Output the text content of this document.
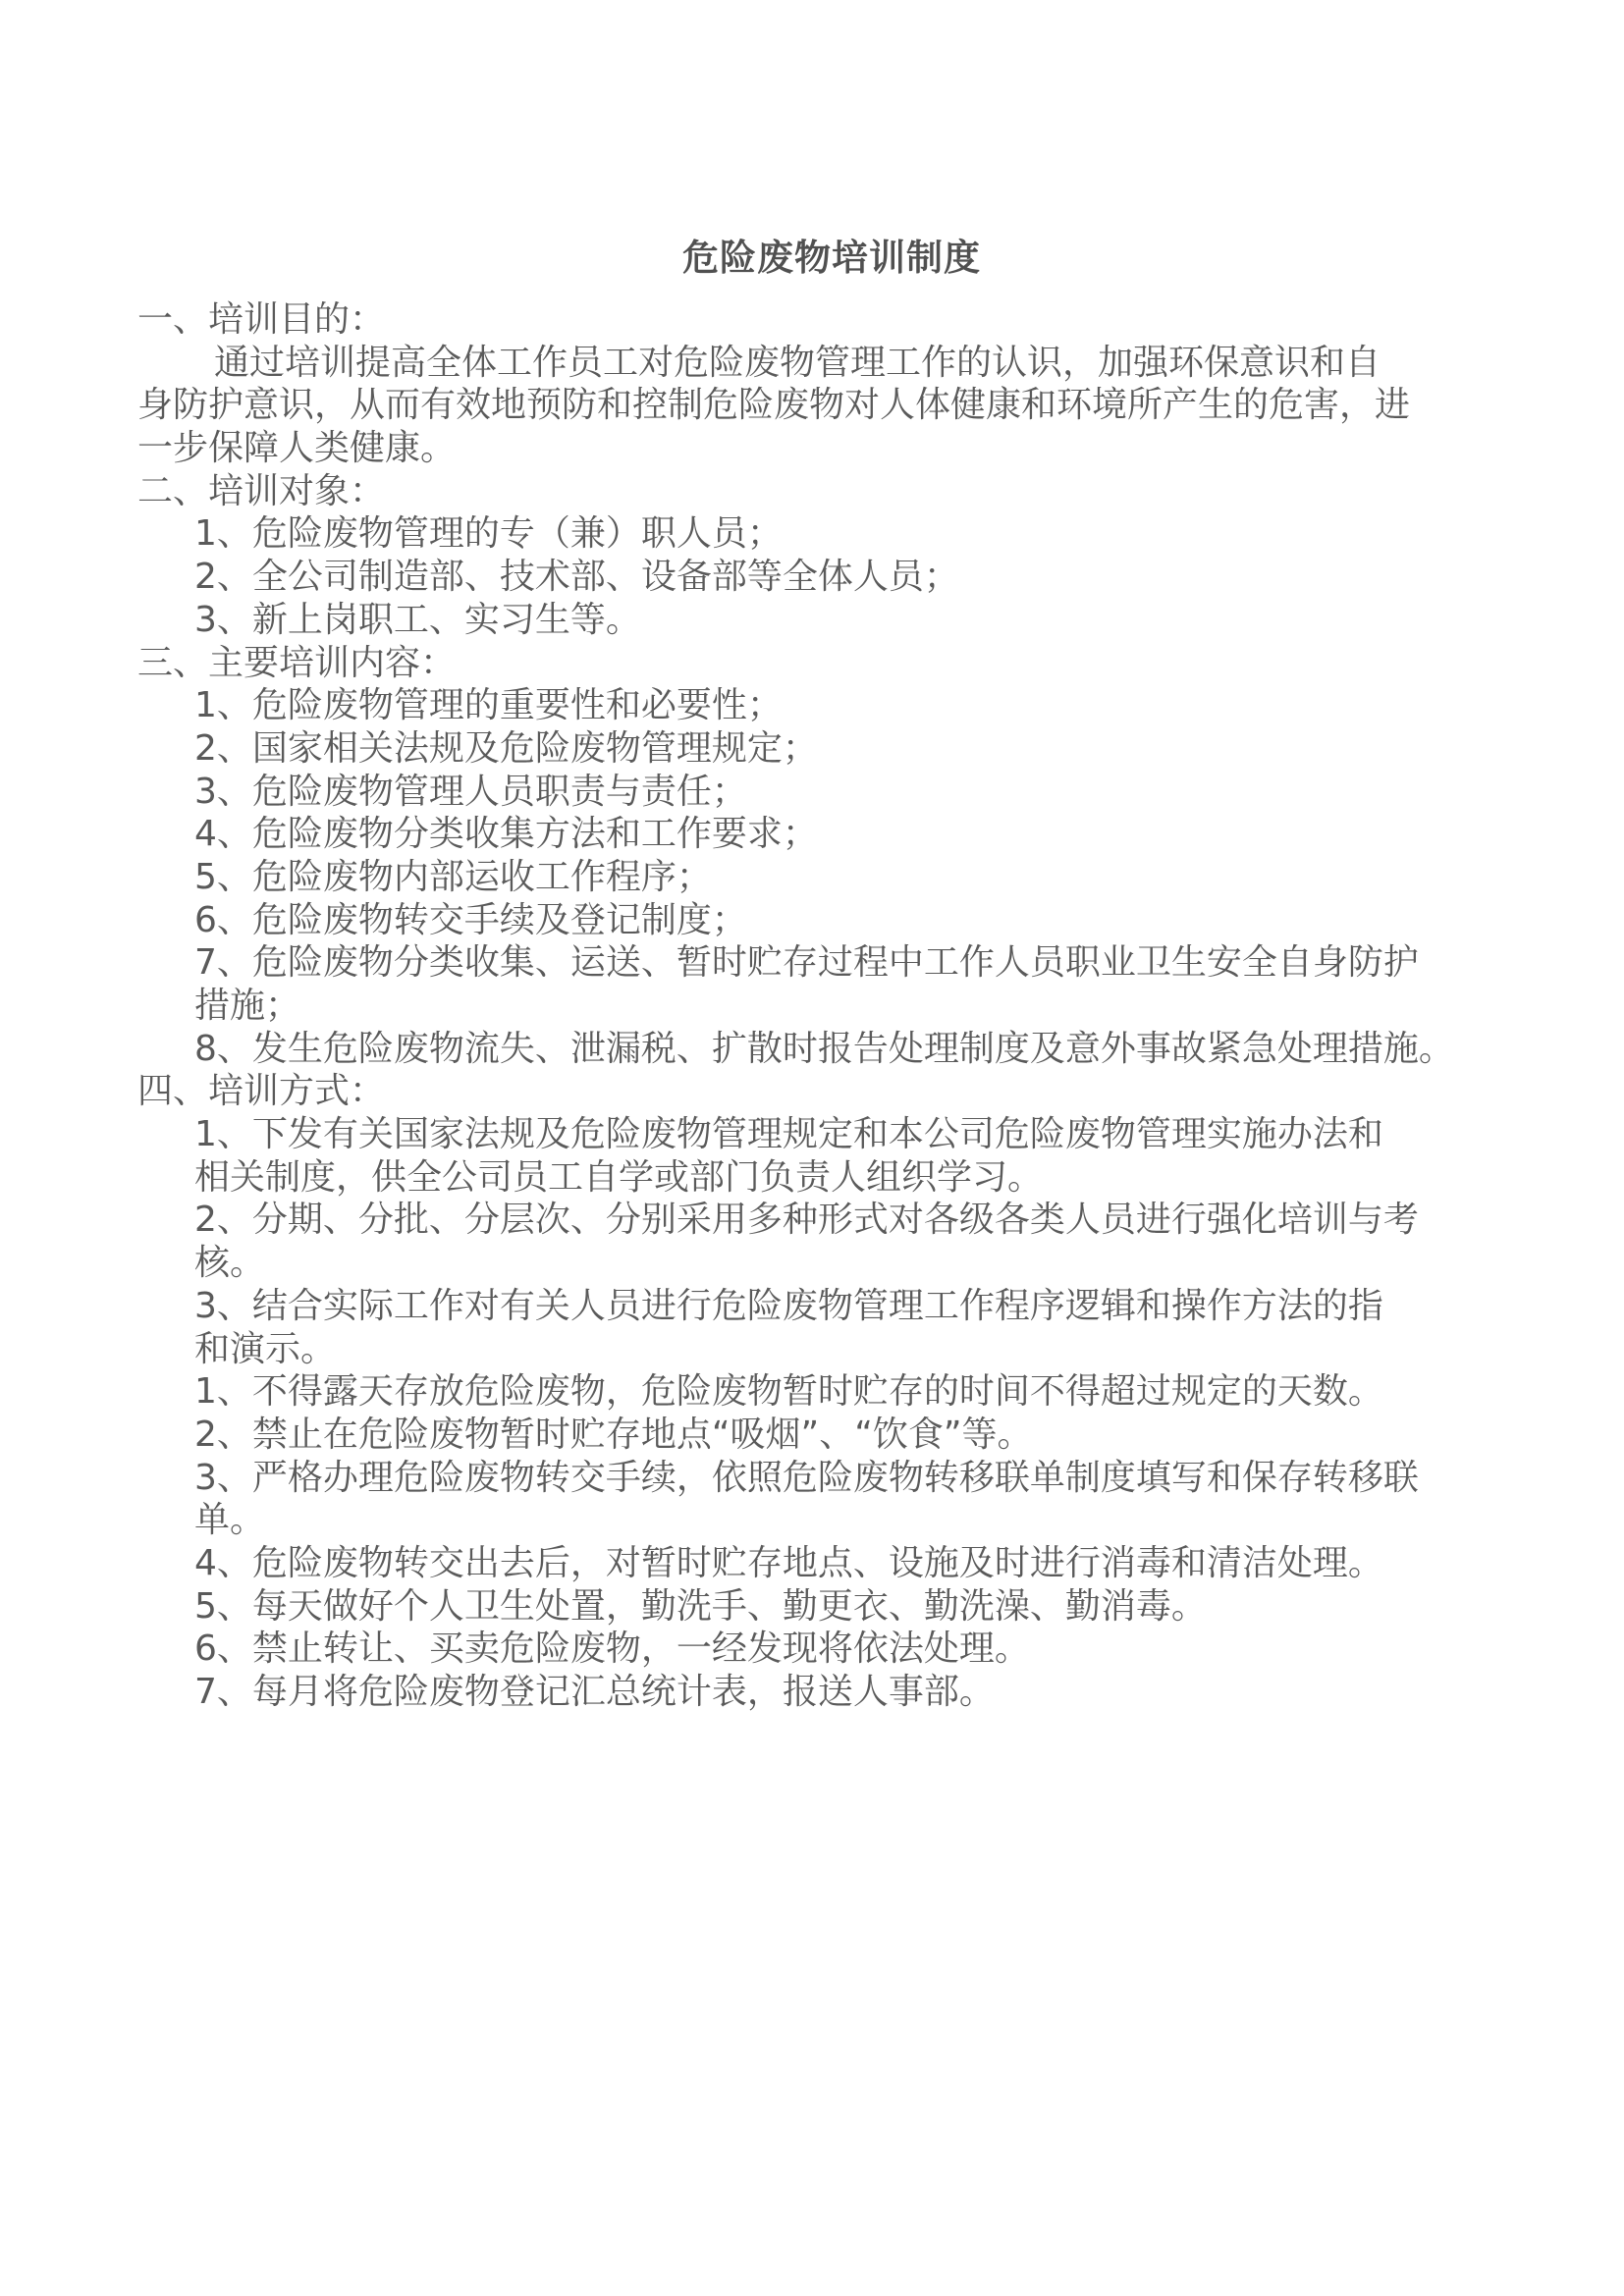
危险废物培训制度
一、培训目的：
通过培训提高全体工作员工对危险废物管理工作的认识，加强环保意识和自
身防护意识，从而有效地预防和控制危险废物对人体健康和环境所产生的危害，进
一步保障人类健康。
二、培训对象：
1、危险废物管理的专（兼）职人员；
2、全公司制造部、技术部、设备部等全体人员；
3、新上岗职工、实习生等。
三、主要培训内容：
1、危险废物管理的重要性和必要性；
2、国家相关法规及危险废物管理规定；
3、危险废物管理人员职责与责任；
4、危险废物分类收集方法和工作要求；
5、危险废物内部运收工作程序；
6、危险废物转交手续及登记制度；
7、危险废物分类收集、运送、暂时贮存过程中工作人员职业卫生安全自身防护
措施；
8、发生危险废物流失、泄漏税、扩散时报告处理制度及意外事故紧急处理措施。
四、培训方式：
1、下发有关国家法规及危险废物管理规定和本公司危险废物管理实施办法和
相关制度，供全公司员工自学或部门负责人组织学习。
2、分期、分批、分层次、分别采用多种形式对各级各类人员进行强化培训与考
核。
3、结合实际工作对有关人员进行危险废物管理工作程序逻辑和操作方法的指
和演示。
1、不得露天存放危险废物，危险废物暂时贮存的时间不得超过规定的天数。
2、禁止在危险废物暂时贮存地点“吸烟”、“饮食”等。
3、严格办理危险废物转交手续，依照危险废物转移联单制度填写和保存转移联
单。
4、危险废物转交出去后，对暂时贮存地点、设施及时进行消毒和清洁处理。
5、每天做好个人卫生处置，勤洗手、勤更衣、勤洗澡、勤消毒。
6、禁止转让、买卖危险废物，一经发现将依法处理。
7、每月将危险废物登记汇总统计表，报送人事部。
